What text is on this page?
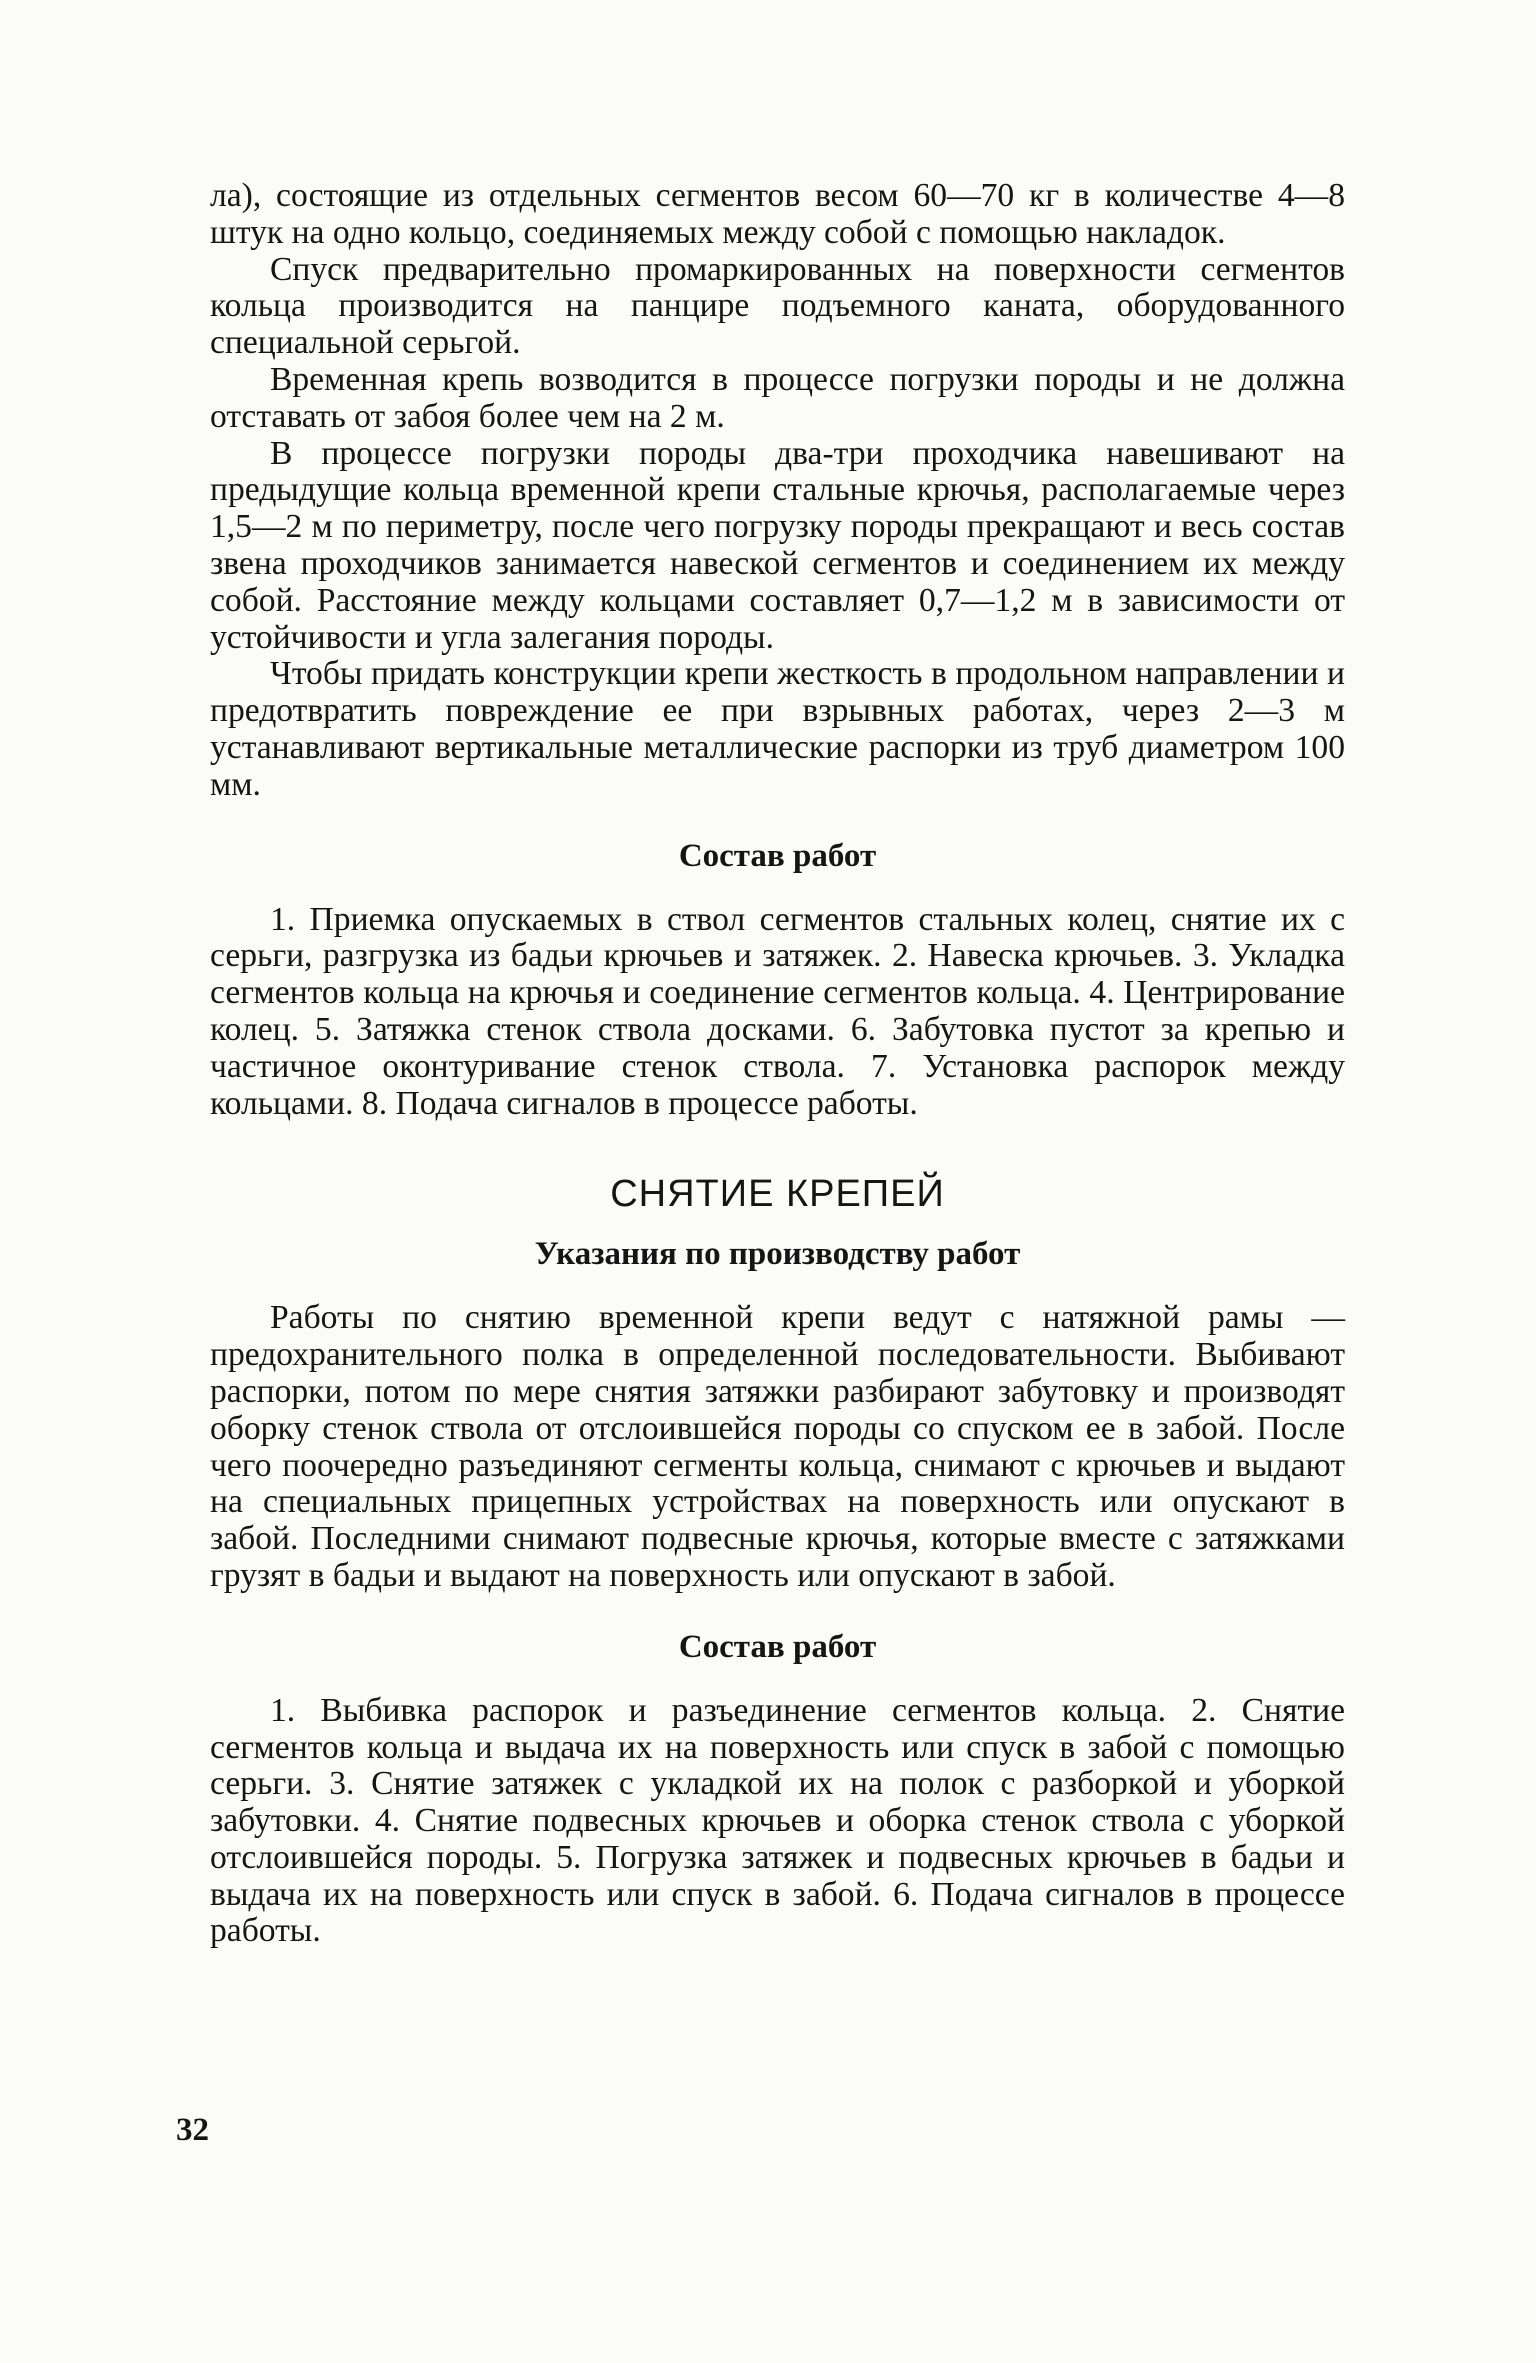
ла), состоящие из отдельных сегментов весом 60—70 кг в количестве 4—8 штук на одно кольцо, соединяемых между собой с помощью накладок.

Спуск предварительно промаркированных на поверхности сегментов кольца производится на панцире подъемного каната, оборудованного специальной серьгой.

Временная крепь возводится в процессе погрузки породы и не должна отставать от забоя более чем на 2 м.

В процессе погрузки породы два-три проходчика навешивают на предыдущие кольца временной крепи стальные крючья, располагаемые через 1,5—2 м по периметру, после чего погрузку породы прекращают и весь состав звена проходчиков занимается навеской сегментов и соединением их между собой. Расстояние между кольцами составляет 0,7—1,2 м в зависимости от устойчивости и угла залегания породы.

Чтобы придать конструкции крепи жесткость в продольном направлении и предотвратить повреждение ее при взрывных работах, через 2—3 м устанавливают вертикальные металлические распорки из труб диаметром 100 мм.

Состав работ

1. Приемка опускаемых в ствол сегментов стальных колец, снятие их с серьги, разгрузка из бадьи крючьев и затяжек. 2. Навеска крючьев. 3. Укладка сегментов кольца на крючья и соединение сегментов кольца. 4. Центрирование колец. 5. Затяжка стенок ствола досками. 6. Забутовка пустот за крепью и частичное оконтуривание стенок ствола. 7. Установка распорок между кольцами. 8. Подача сигналов в процессе работы.

СНЯТИЕ КРЕПЕЙ
Указания по производству работ

Работы по снятию временной крепи ведут с натяжной рамы — предохранительного полка в определенной последовательности. Выбивают распорки, потом по мере снятия затяжки разбирают забутовку и производят оборку стенок ствола от отслоившейся породы со спуском ее в забой. После чего поочередно разъединяют сегменты кольца, снимают с крючьев и выдают на специальных прицепных устройствах на поверхность или опускают в забой. Последними снимают подвесные крючья, которые вместе с затяжками грузят в бадьи и выдают на поверхность или опускают в забой.

Состав работ

1. Выбивка распорок и разъединение сегментов кольца. 2. Снятие сегментов кольца и выдача их на поверхность или спуск в забой с помощью серьги. 3. Снятие затяжек с укладкой их на полок с разборкой и уборкой забутовки. 4. Снятие подвесных крючьев и оборка стенок ствола с уборкой отслоившейся породы. 5. Погрузка затяжек и подвесных крючьев в бадьи и выдача их на поверхность или спуск в забой. 6. Подача сигналов в процессе работы.

32
